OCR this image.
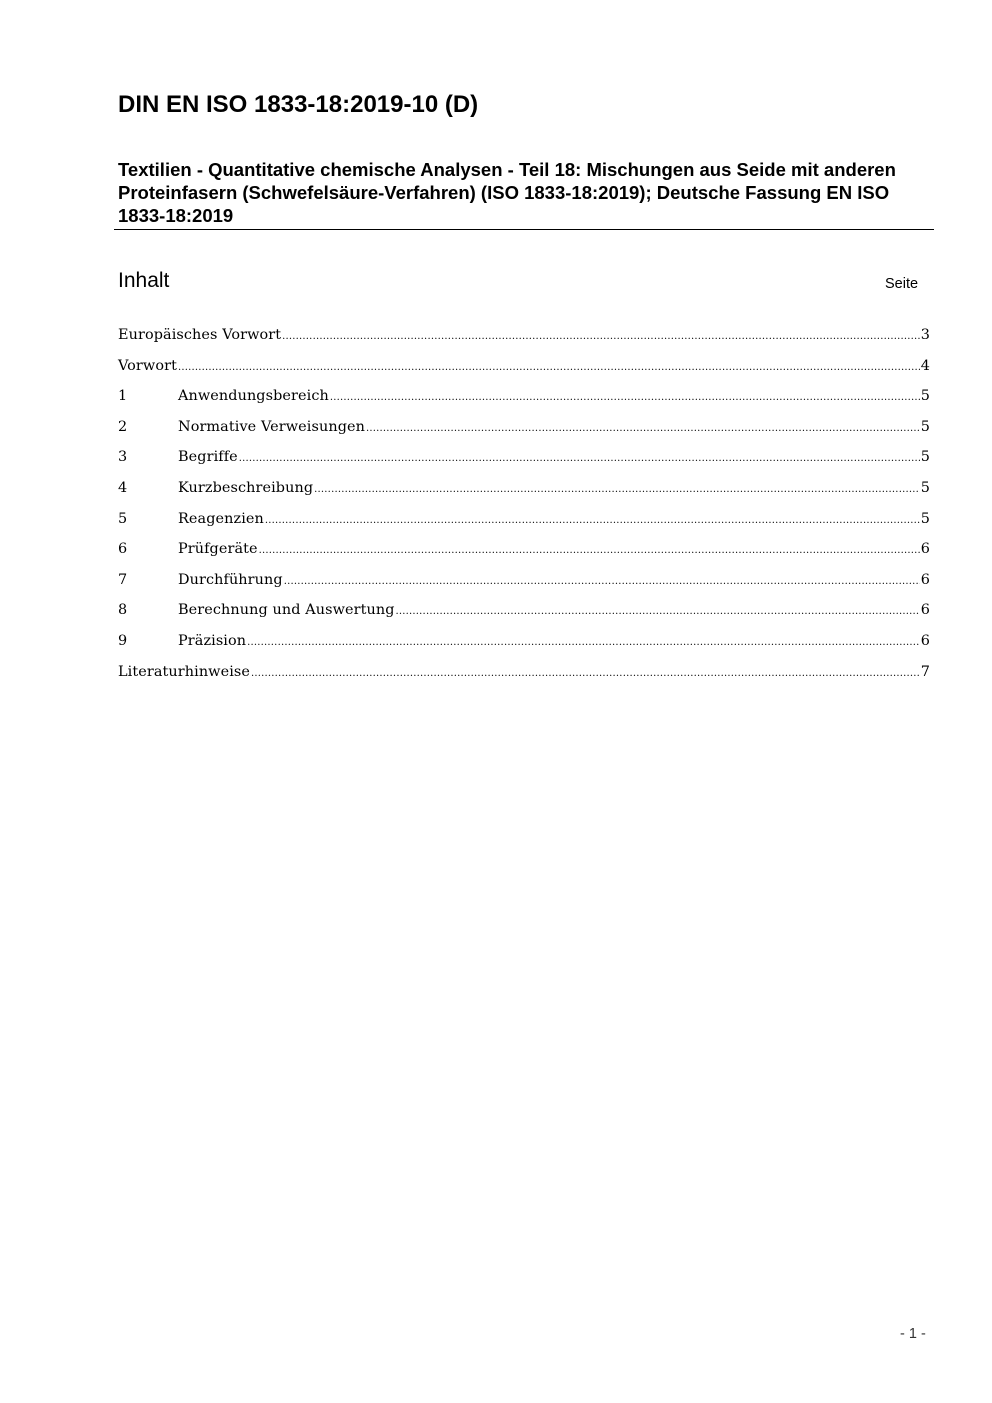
DIN EN ISO 1833-18:2019-10 (D)
Textilien - Quantitative chemische Analysen - Teil 18: Mischungen aus Seide mit anderen Proteinfasern (Schwefelsäure-Verfahren) (ISO 1833-18:2019); Deutsche Fassung EN ISO 1833-18:2019
Inhalt	Seite
Europäisches Vorwort .....	3
Vorwort .....	4
1	Anwendungsbereich .....	5
2	Normative Verweisungen .....	5
3	Begriffe .....	5
4	Kurzbeschreibung .....	5
5	Reagenzien .....	5
6	Prüfgeräte .....	6
7	Durchführung .....	6
8	Berechnung und Auswertung .....	6
9	Präzision .....	6
Literaturhinweise .....	7
- 1 -
